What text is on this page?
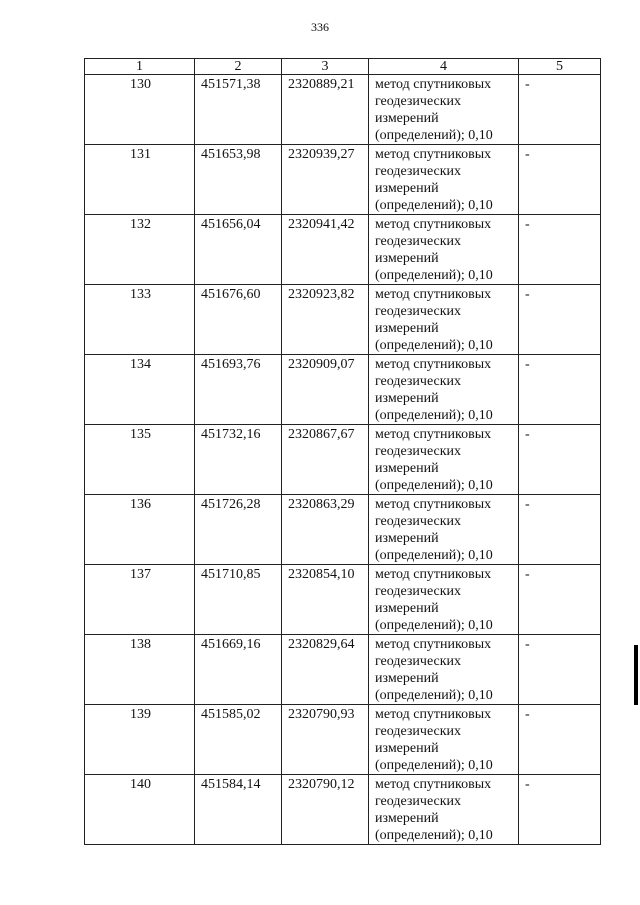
336
1	2	3	4	5
130	451571,38	2320889,21	метод спутниковых геодезических измерений (определений); 0,10	-
131	451653,98	2320939,27	метод спутниковых геодезических измерений (определений); 0,10	-
132	451656,04	2320941,42	метод спутниковых геодезических измерений (определений); 0,10	-
133	451676,60	2320923,82	метод спутниковых геодезических измерений (определений); 0,10	-
134	451693,76	2320909,07	метод спутниковых геодезических измерений (определений); 0,10	-
135	451732,16	2320867,67	метод спутниковых геодезических измерений (определений); 0,10	-
136	451726,28	2320863,29	метод спутниковых геодезических измерений (определений); 0,10	-
137	451710,85	2320854,10	метод спутниковых геодезических измерений (определений); 0,10	-
138	451669,16	2320829,64	метод спутниковых геодезических измерений (определений); 0,10	-
139	451585,02	2320790,93	метод спутниковых геодезических измерений (определений); 0,10	-
140	451584,14	2320790,12	метод спутниковых геодезических измерений (определений); 0,10	-
